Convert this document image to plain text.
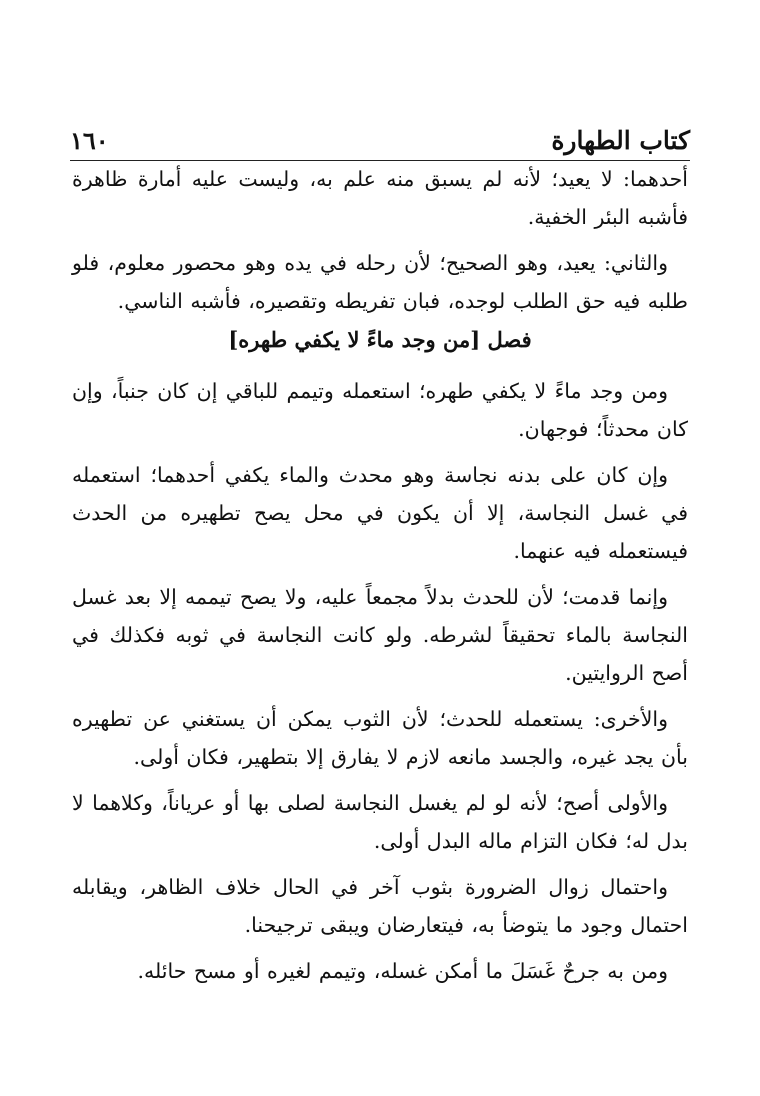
كتاب الطهارة
١٦٠

أحدهما: لا يعيد؛ لأنه لم يسبق منه علم به، وليست عليه أمارة ظاهرة فأشبه البئر الخفية.

والثاني: يعيد، وهو الصحيح؛ لأن رحله في يده وهو محصور معلوم، فلو طلبه فيه حق الطلب لوجده، فبان تفريطه وتقصيره، فأشبه الناسي.

فصل [من وجد ماءً لا يكفي طهره]

ومن وجد ماءً لا يكفي طهره؛ استعمله وتيمم للباقي إن كان جنباً، وإن كان محدثاً؛ فوجهان.

وإن كان على بدنه نجاسة وهو محدث والماء يكفي أحدهما؛ استعمله في غسل النجاسة، إلا أن يكون في محل يصح تطهيره من الحدث فيستعمله فيه عنهما.

وإنما قدمت؛ لأن للحدث بدلاً مجمعاً عليه، ولا يصح تيممه إلا بعد غسل النجاسة بالماء تحقيقاً لشرطه. ولو كانت النجاسة في ثوبه فكذلك في أصح الروايتين.

والأخرى: يستعمله للحدث؛ لأن الثوب يمكن أن يستغني عن تطهيره بأن يجد غيره، والجسد مانعه لازم لا يفارق إلا بتطهير، فكان أولى.

والأولى أصح؛ لأنه لو لم يغسل النجاسة لصلى بها أو عرياناً، وكلاهما لا بدل له؛ فكان التزام ماله البدل أولى.

واحتمال زوال الضرورة بثوب آخر في الحال خلاف الظاهر، ويقابله احتمال وجود ما يتوضأ به، فيتعارضان ويبقى ترجيحنا.

ومن به جرحٌ غَسَلَ ما أمكن غسله، وتيمم لغيره أو مسح حائله.
